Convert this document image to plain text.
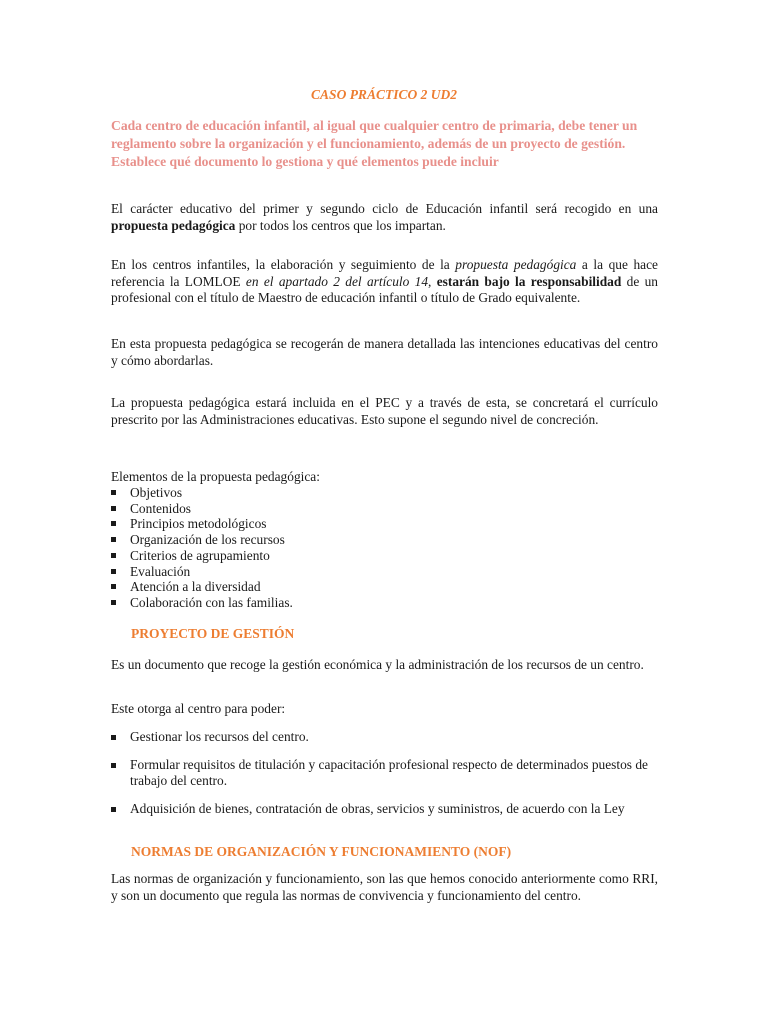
CASO PRÁCTICO 2 UD2

Cada centro de educación infantil, al igual que cualquier centro de primaria, debe tener un reglamento sobre la organización y el funcionamiento, además de un proyecto de gestión. Establece qué documento lo gestiona y qué elementos puede incluir

El carácter educativo del primer y segundo ciclo de Educación infantil será recogido en una propuesta pedagógica por todos los centros que los impartan.

En los centros infantiles, la elaboración y seguimiento de la propuesta pedagógica a la que hace referencia la LOMLOE en el apartado 2 del artículo 14, estarán bajo la responsabilidad de un profesional con el título de Maestro de educación infantil o título de Grado equivalente.

En esta propuesta pedagógica se recogerán de manera detallada las intenciones educativas del centro y cómo abordarlas.

La propuesta pedagógica estará incluida en el PEC y a través de esta, se concretará el currículo prescrito por las Administraciones educativas. Esto supone el segundo nivel de concreción.

Elementos de la propuesta pedagógica:

Objetivos
Contenidos
Principios metodológicos
Organización de los recursos
Criterios de agrupamiento
Evaluación
Atención a la diversidad
Colaboración con las familias.

PROYECTO DE GESTIÓN

Es un documento que recoge la gestión económica y la administración de los recursos de un centro.

Este otorga al centro para poder:

Gestionar los recursos del centro.
Formular requisitos de titulación y capacitación profesional respecto de determinados puestos de trabajo del centro.
Adquisición de bienes, contratación de obras, servicios y suministros, de acuerdo con la Ley

NORMAS DE ORGANIZACIÓN Y FUNCIONAMIENTO (NOF)

Las normas de organización y funcionamiento, son las que hemos conocido anteriormente como RRI, y son un documento que regula las normas de convivencia y funcionamiento del centro.
